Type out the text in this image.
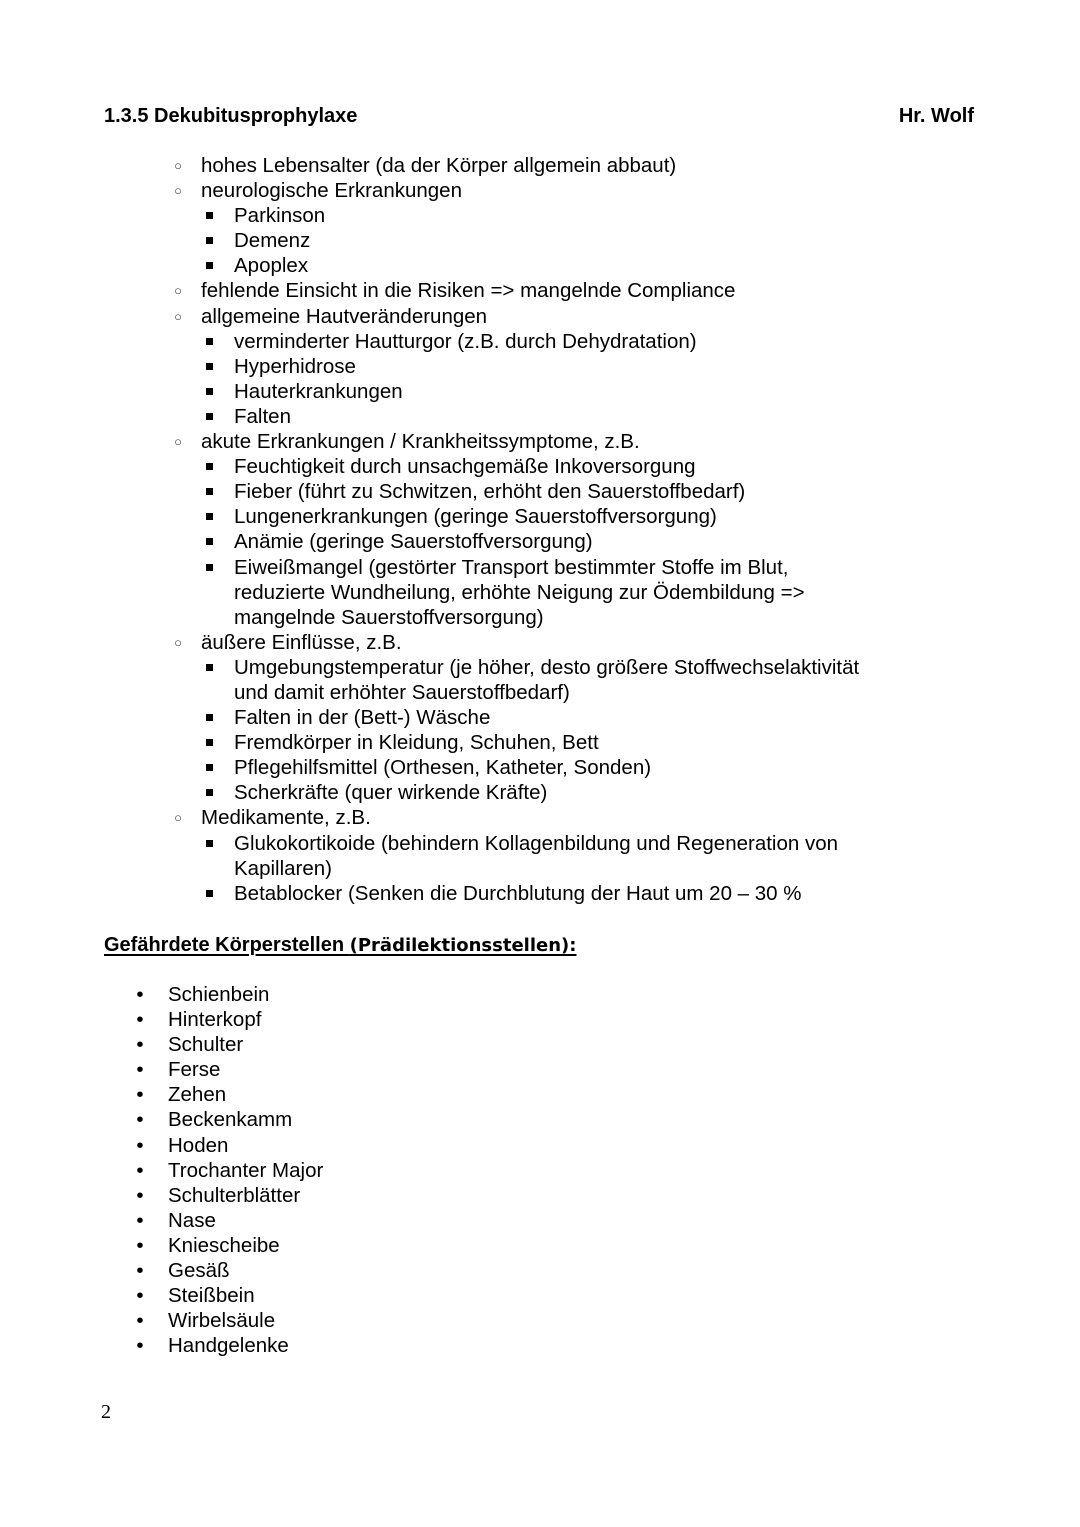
1.3.5 Dekubitusprophylaxe	Hr. Wolf
○ hohes Lebensalter (da der Körper allgemein abbaut)
○ neurologische Erkrankungen
Parkinson
Demenz
Apoplex
○ fehlende Einsicht in die Risiken => mangelnde Compliance
○ allgemeine Hautveränderungen
verminderter Hautturgor (z.B. durch Dehydratation)
Hyperhidrose
Hauterkrankungen
Falten
○ akute Erkrankungen / Krankheitssymptome, z.B.
Feuchtigkeit durch unsachgemäße Inkoversorgung
Fieber (führt zu Schwitzen, erhöht den Sauerstoffbedarf)
Lungenerkrankungen (geringe Sauerstoffversorgung)
Anämie (geringe Sauerstoffversorgung)
Eiweißmangel (gestörter Transport bestimmter Stoffe im Blut, reduzierte Wundheilung, erhöhte Neigung zur Ödembildung => mangelnde Sauerstoffversorgung)
○ äußere Einflüsse, z.B.
Umgebungstemperatur (je höher, desto größere Stoffwechselaktivität und damit erhöhter Sauerstoffbedarf)
Falten in der (Bett-) Wäsche
Fremdkörper in Kleidung, Schuhen, Bett
Pflegehilfsmittel (Orthesen, Katheter, Sonden)
Scherkräfte (quer wirkende Kräfte)
○ Medikamente, z.B.
Glukokortikoide (behindern Kollagenbildung und Regeneration von Kapillaren)
Betablocker (Senken die Durchblutung der Haut um 20 – 30 %
Gefährdete Körperstellen (Prädilektionsstellen):
• Schienbein
• Hinterkopf
• Schulter
• Ferse
• Zehen
• Beckenkamm
• Hoden
• Trochanter Major
• Schulterblätter
• Nase
• Kniescheibe
• Gesäß
• Steißbein
• Wirbelsäule
• Handgelenke
2
